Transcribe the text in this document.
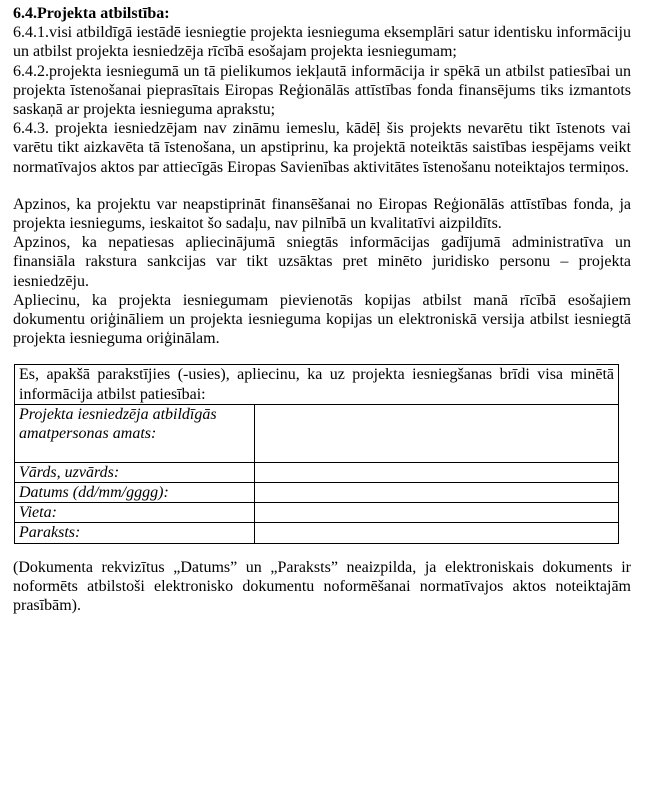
6.4.Projekta atbilstība:

6.4.1.visi atbildīgā iestādē iesniegtie projekta iesnieguma eksemplāri satur identisku informāciju un atbilst projekta iesniedzēja rīcībā esošajam projekta iesniegumam;

6.4.2.projekta iesniegumā un tā pielikumos iekļautā informācija ir spēkā un atbilst patiesībai un projekta īstenošanai pieprasītais Eiropas Reģionālās attīstības fonda finansējums tiks izmantots saskaņā ar projekta iesnieguma aprakstu;

6.4.3. projekta iesniedzējam nav zināmu iemeslu, kādēļ šis projekts nevarētu tikt īstenots vai varētu tikt aizkavēta tā īstenošana, un apstiprinu, ka projektā noteiktās saistības iespējams veikt normatīvajos aktos par attiecīgās Eiropas Savienības aktivitātes īstenošanu noteiktajos termiņos.

Apzinos, ka projektu var neapstiprināt finansēšanai no Eiropas Reģionālās attīstības fonda, ja projekta iesniegums, ieskaitot šo sadaļu, nav pilnībā un kvalitatīvi aizpildīts.

Apzinos, ka nepatiesas apliecinājumā sniegtās informācijas gadījumā administratīva un finansiāla rakstura sankcijas var tikt uzsāktas pret minēto juridisko personu – projekta iesniedzēju.

Apliecinu, ka projekta iesniegumam pievienotās kopijas atbilst manā rīcībā esošajiem dokumentu oriģināliem un projekta iesnieguma kopijas un elektroniskā versija atbilst iesniegtā projekta iesnieguma oriģinālam.

Es, apakšā parakstījies (-usies), apliecinu, ka uz projekta iesniegšanas brīdi visa minētā informācija atbilst patiesībai:	
Projekta iesniedzēja atbildīgās amatpersonas amats:	
Vārds, uzvārds:	
Datums (dd/mm/gggg):	
Vieta:	
Paraksts:	

(Dokumenta rekvizītus „Datums” un „Paraksts” neaizpilda, ja elektroniskais dokuments ir noformēts atbilstoši elektronisko dokumentu noformēšanai normatīvajos aktos noteiktajām prasībām).
